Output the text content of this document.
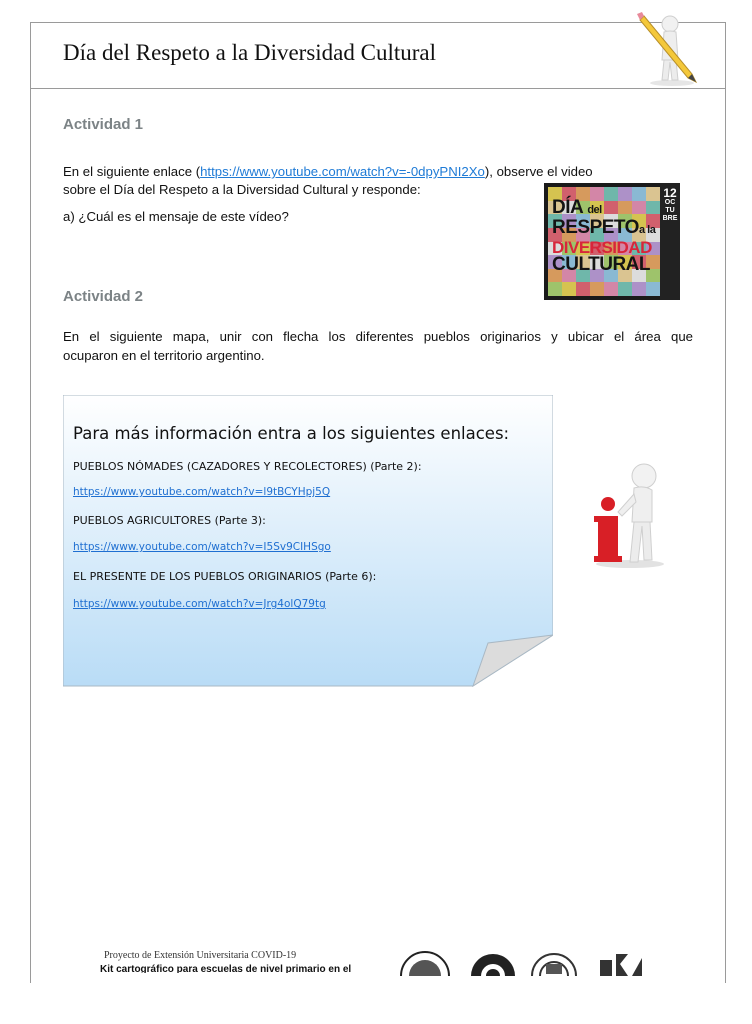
Día del Respeto a la Diversidad Cultural
Actividad 1
En el siguiente enlace (https://www.youtube.com/watch?v=-0dpyPNI2Xo), observe el video
sobre el Día del Respeto a la Diversidad Cultural y responde:
a) ¿Cuál es el mensaje de este vídeo?	DÍA del
RESPETOa la
DIVERSIDAD
CULTURAL
12
OC TU BRE
Actividad 2
En el siguiente mapa, unir con flecha los diferentes pueblos originarios y ubicar el área que
ocuparon en el territorio argentino.
Para más información entra a los siguientes enlaces:
PUEBLOS NÓMADES (CAZADORES Y RECOLECTORES) (Parte 2):
https://www.youtube.com/watch?v=l9tBCYHpj5Q
PUEBLOS AGRICULTORES (Parte 3):
https://www.youtube.com/watch?v=I5Sv9CIHSgo
EL PRESENTE DE LOS PUEBLOS ORIGINARIOS (Parte 6):
https://www.youtube.com/watch?v=Jrg4olQ79tg
Proyecto de Extensión Universitaria COVID-19
Kit cartográfico para escuelas de nivel primario en el
